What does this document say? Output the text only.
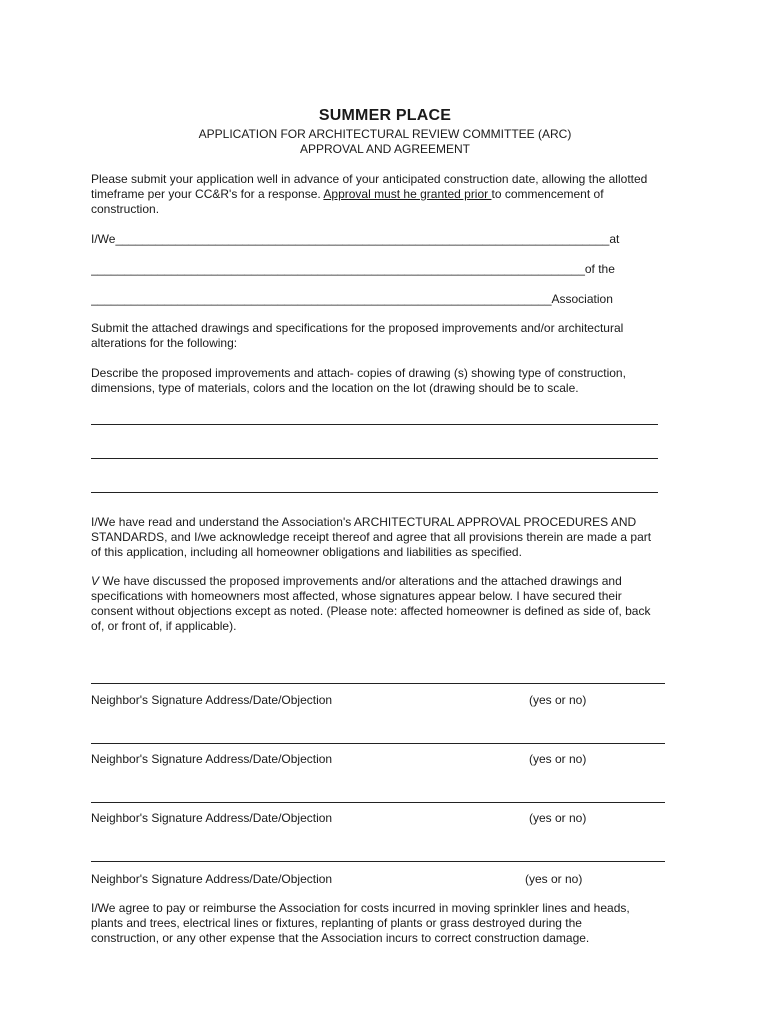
SUMMER PLACE
APPLICATION FOR ARCHITECTURAL REVIEW COMMITTEE (ARC)
APPROVAL AND AGREEMENT
Please submit your application well in advance of your anticipated construction date, allowing the allotted
timeframe per your CC&R's for a response. Approval must he granted prior to commencement of
construction.
I/We__________________________________________________________________________at
__________________________________________________________________________of the
_____________________________________________________________________Association
Submit the attached drawings and specifications for the proposed improvements and/or architectural
alterations for the following:
Describe the proposed improvements and attach- copies of drawing (s) showing type of construction,
dimensions, type of materials, colors and the location on the lot (drawing should be to scale.
I/We have read and understand the Association's ARCHITECTURAL APPROVAL PROCEDURES AND
STANDARDS, and I/we acknowledge receipt thereof and agree that all provisions therein are made a part
of this application, including all homeowner obligations and liabilities as specified.
V We have discussed the proposed improvements and/or alterations and the attached drawings and
specifications with homeowners most affected, whose signatures appear below. I have secured their
consent without objections except as noted. (Please note: affected homeowner is defined as side of, back
of, or front of, if applicable).
Neighbor's Signature Address/Date/Objection	(yes or no)
Neighbor's Signature Address/Date/Objection	(yes or no)
Neighbor's Signature Address/Date/Objection	(yes or no)
Neighbor's Signature Address/Date/Objection	(yes or no)
I/We agree to pay or reimburse the Association for costs incurred in moving sprinkler lines and heads,
plants and trees, electrical lines or fixtures, replanting of plants or grass destroyed during the
construction, or any other expense that the Association incurs to correct construction damage.
